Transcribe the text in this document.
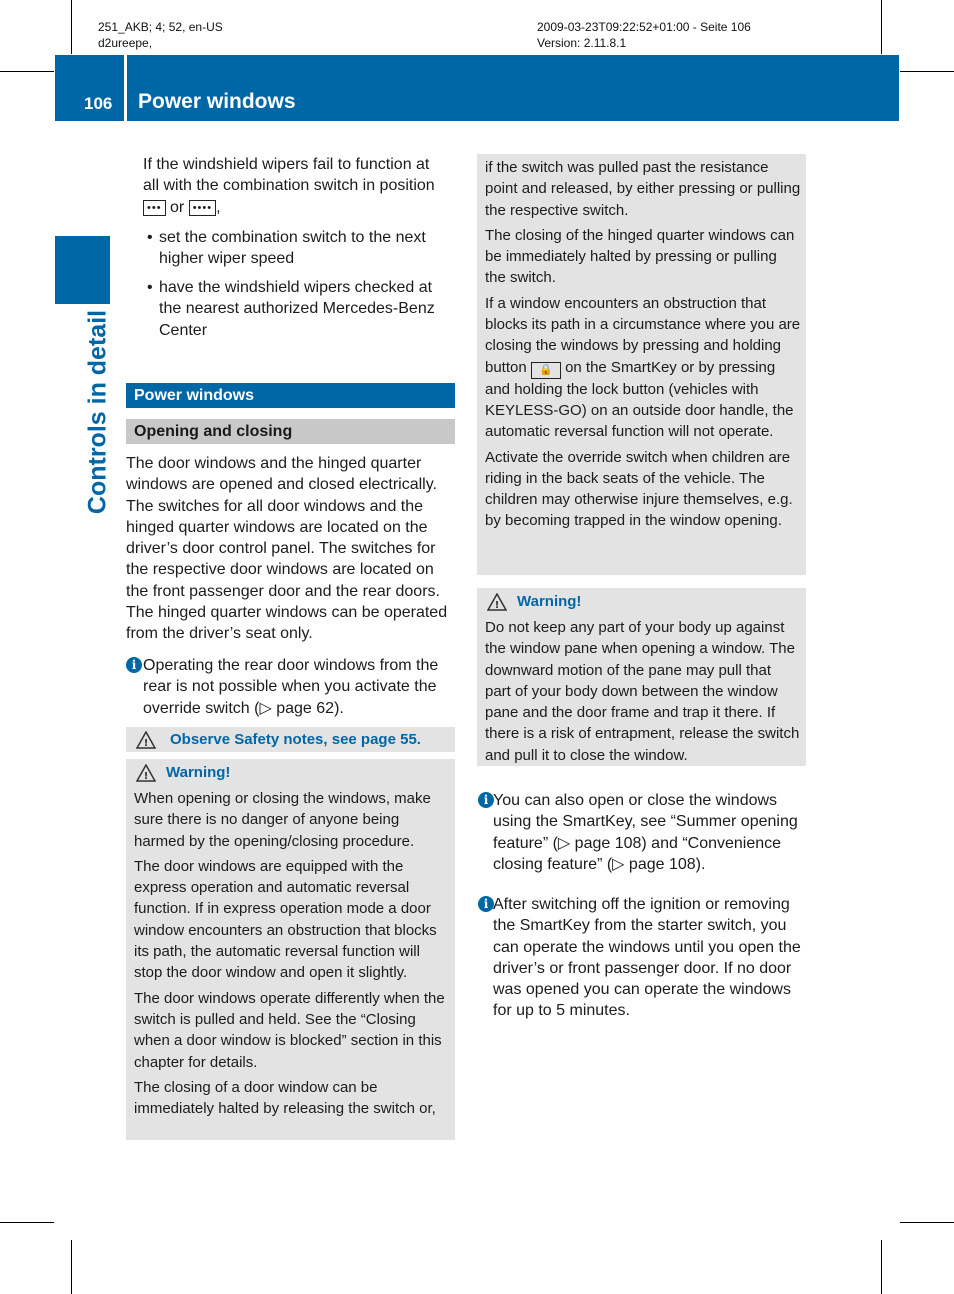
251_AKB; 4; 52, en-US
d2ureepe,
2009-03-23T09:22:52+01:00 - Seite 106
Version: 2.11.8.1
106 Power windows
Controls in detail
If the windshield wipers fail to function at
all with the combination switch in position
••• or •••• ,
• set the combination switch to the next higher wiper speed
• have the windshield wipers checked at the nearest authorized Mercedes-Benz Center
Power windows
Opening and closing
The door windows and the hinged quarter windows are opened and closed electrically. The switches for all door windows and the hinged quarter windows are located on the driver’s door control panel. The switches for the respective door windows are located on the front passenger door and the rear doors. The hinged quarter windows can be operated from the driver’s seat only.
i Operating the rear door windows from the rear is not possible when you activate the override switch (▷ page 62).
! Observe Safety notes, see page 55.
! Warning!

When opening or closing the windows, make sure there is no danger of anyone being harmed by the opening/closing procedure.

The door windows are equipped with the express operation and automatic reversal function. If in express operation mode a door window encounters an obstruction that blocks its path, the automatic reversal function will stop the door window and open it slightly.

The door windows operate differently when the switch is pulled and held. See the “Closing when a door window is blocked” section in this chapter for details.

The closing of a door window can be immediately halted by releasing the switch or,

if the switch was pulled past the resistance point and released, by either pressing or pulling the respective switch.

The closing of the hinged quarter windows can be immediately halted by pressing or pulling the switch.

If a window encounters an obstruction that blocks its path in a circumstance where you are closing the windows by pressing and holding button 🔒 on the SmartKey or by pressing and holding the lock button (vehicles with KEYLESS-GO) on an outside door handle, the automatic reversal function will not operate.

Activate the override switch when children are riding in the back seats of the vehicle. The children may otherwise injure themselves, e.g. by becoming trapped in the window opening.

! Warning!
Do not keep any part of your body up against the window pane when opening a window. The downward motion of the pane may pull that part of your body down between the window pane and the door frame and trap it there. If there is a risk of entrapment, release the switch and pull it to close the window.
i You can also open or close the windows using the SmartKey, see “Summer opening feature” (▷ page 108) and “Convenience closing feature” (▷ page 108).
i After switching off the ignition or removing the SmartKey from the starter switch, you can operate the windows until you open the driver’s or front passenger door. If no door was opened you can operate the windows for up to 5 minutes.
